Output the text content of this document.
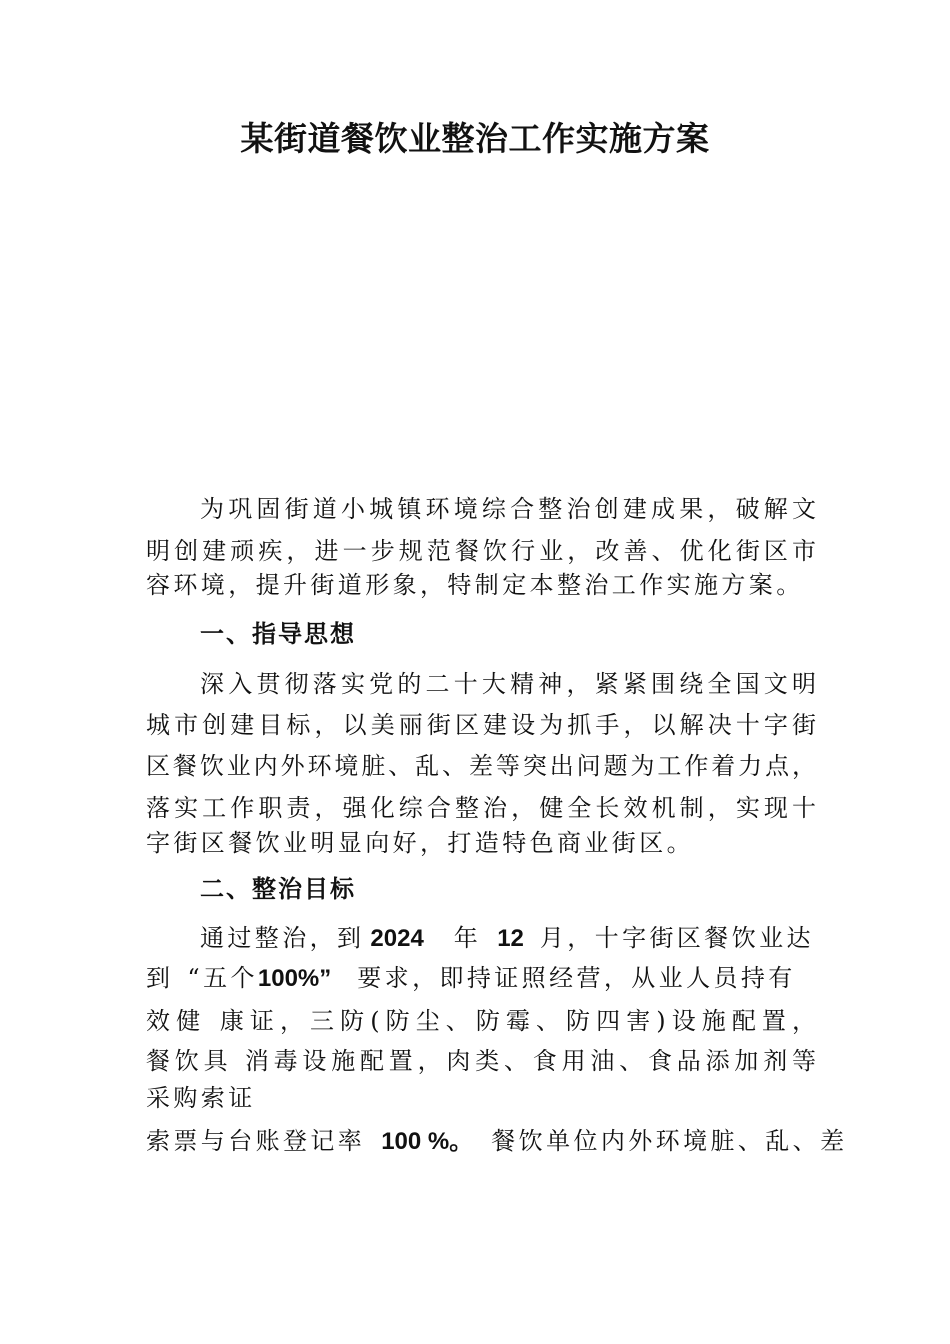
某街道餐饮业整治工作实施方案

为巩固街道小城镇环境综合整治创建成果，破解文

明创建顽疾，进一步规范餐饮行业，改善、优化街区市

容环境，提升街道形象，特制定本整治工作实施方案。

一、指导思想

深入贯彻落实党的二十大精神，紧紧围绕全国文明

城市创建目标，以美丽街区建设为抓手，以解决十字街

区餐饮业内外环境脏、乱、差等突出问题为工作着力点，

落实工作职责，强化综合整治，健全长效机制，实现十

字街区餐饮业明显向好，打造特色商业街区。

二、整治目标

通过整治，到 2024 年 12 月，十字街区餐饮业达

到 “五个100%” 要求，即持证照经营，从业人员持有

效健 康证，三防(防尘、防霉、防四害)设施配置，

餐饮具 消毒设施配置，肉类、食用油、食品添加剂等

采购索证

索票与台账登记率 100 %。 餐饮单位内外环境脏、乱、差
